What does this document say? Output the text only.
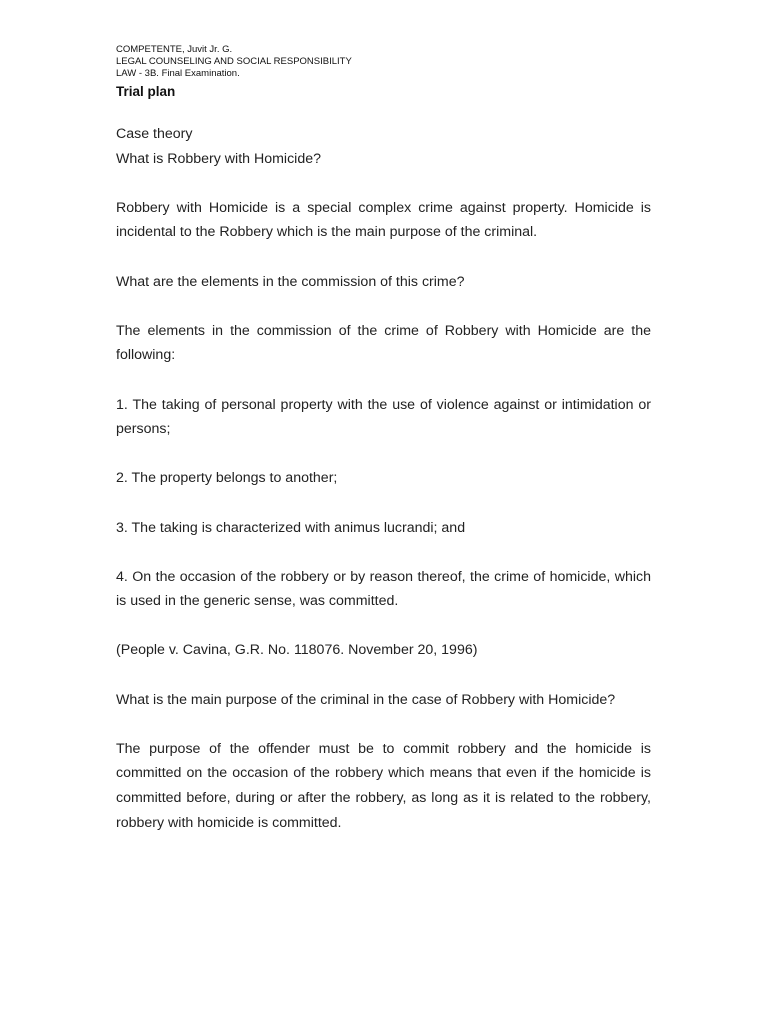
COMPETENTE, Juvit Jr. G.

LEGAL COUNSELING AND SOCIAL RESPONSIBILITY

LAW - 3B. Final Examination.

Trial plan

Case theory

What is Robbery with Homicide?

Robbery with Homicide is a special complex crime against property. Homicide is incidental to the Robbery which is the main purpose of the criminal.

What are the elements in the commission of this crime?

The elements in the commission of the crime of Robbery with Homicide are the following:

1. The taking of personal property with the use of violence against or intimidation or persons;

2. The property belongs to another;

3. The taking is characterized with animus lucrandi; and

4. On the occasion of the robbery or by reason thereof, the crime of homicide, which is used in the generic sense, was committed.

(People v. Cavina, G.R. No. 118076. November 20, 1996)

What is the main purpose of the criminal in the case of Robbery with Homicide?

The purpose of the offender must be to commit robbery and the homicide is committed on the occasion of the robbery which means that even if the homicide is committed before, during or after the robbery, as long as it is related to the robbery, robbery with homicide is committed.
